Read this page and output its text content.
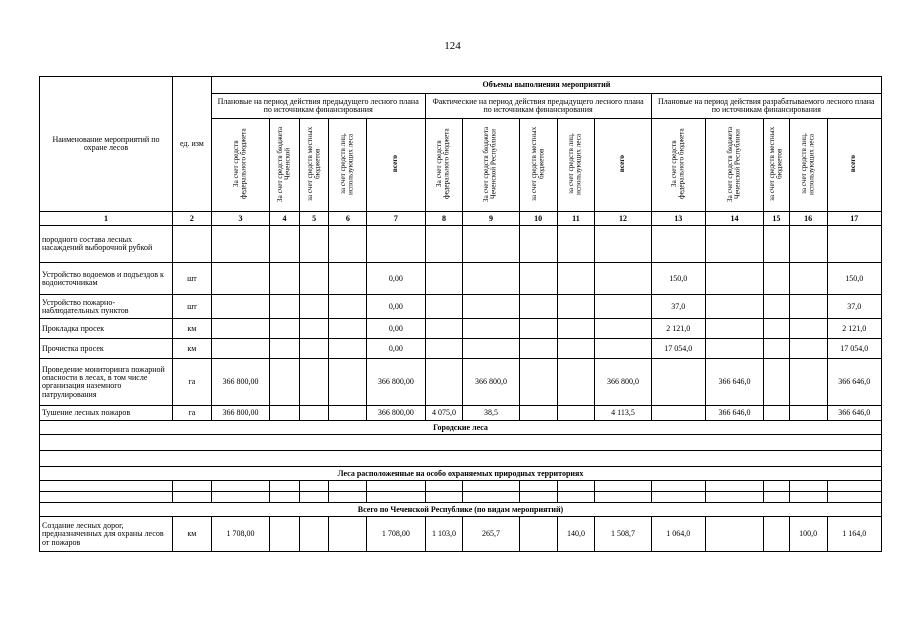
124
Наименование мероприятий по охране лесов	ед. изм	Объемы выполнения мероприятий														
		Плановые на период действия предыдущего лесного плана по источникам финансирования					Фактические на период действия предыдущего лесного плана по источникам финансирования					Плановые на период действия разрабатываемого лесного плана по источникам финансирования				
		За счет средств федерального бюджета	За счет средств бюджета Чеченской	за счет средств местных бюджетов	за счет средств лиц, использующих леса	всего	За счет средств федерального бюджета	За счет средств бюджета Чеченской Республики	за счет средств местных бюджетов	за счет средств лиц, использующих леса	всего	За счет средств федерального бюджета	За счет средств бюджета Чеченской Республики	за счет средств местных бюджетов	за счет средств лиц, использующих леса	всего
1	2	3	4	5	6	7	8	9	10	11	12	13	14	15	16	17
породного состава лесных насаждений выборочной рубкой																
Устройство водоемов и подъездов к водоисточникам	шт					0,00						150,0				150,0
Устройство пожарно-наблюдательных пунктов	шт					0,00						37,0				37,0
Прокладка просек	км					0,00						2 121,0				2 121,0
Прочистка просек	км					0,00						17 054,0				17 054,0
Проведение мониторинга пожарной опасности в лесах, в том числе организация наземного патрулирования	га	366 800,00				366 800,00		366 800,0			366 800,0		366 646,0			366 646,0
Тушение лесных пожаров	га	366 800,00				366 800,00	4 075,0	38,5			4 113,5		366 646,0			366 646,0
Городские леса																

Леса расположенные на особо охраняемых природных территориях																

Всего по Чеченской Республике (по видам мероприятий)																
Создание лесных дорог, предназначенных для охраны лесов от пожаров	км	1 708,00				1 708,00	1 103,0	265,7		140,0	1 508,7	1 064,0			100,0	1 164,0
